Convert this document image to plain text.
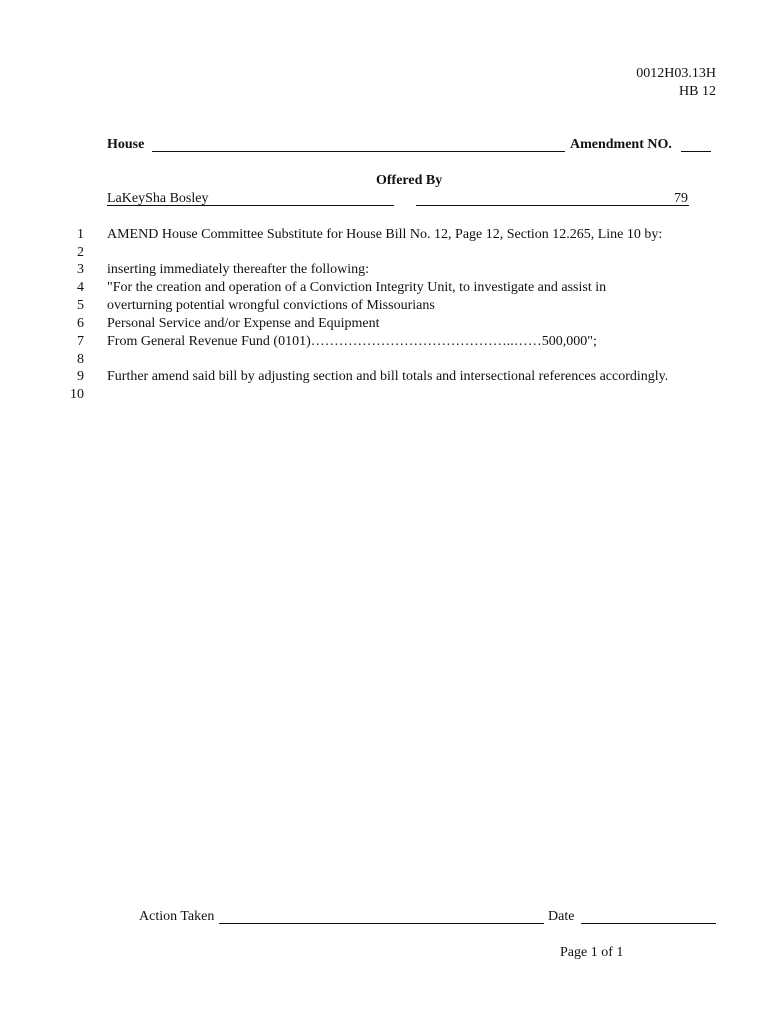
0012H03.13H
HB 12
House	Amendment NO.
Offered By
LaKeySha Bosley	79
1 AMEND House Committee Substitute for House Bill No. 12, Page 12, Section 12.265, Line 10 by:
2
3 inserting immediately thereafter the following:
4 "For the creation and operation of a Conviction Integrity Unit, to investigate and assist in
5 overturning potential wrongful convictions of Missourians
6 Personal Service and/or Expense and Equipment
7 From General Revenue Fund (0101)……………………………………..……500,000";
8
9 Further amend said bill by adjusting section and bill totals and intersectional references accordingly.
10
Action Taken	Date
Page 1 of 1
